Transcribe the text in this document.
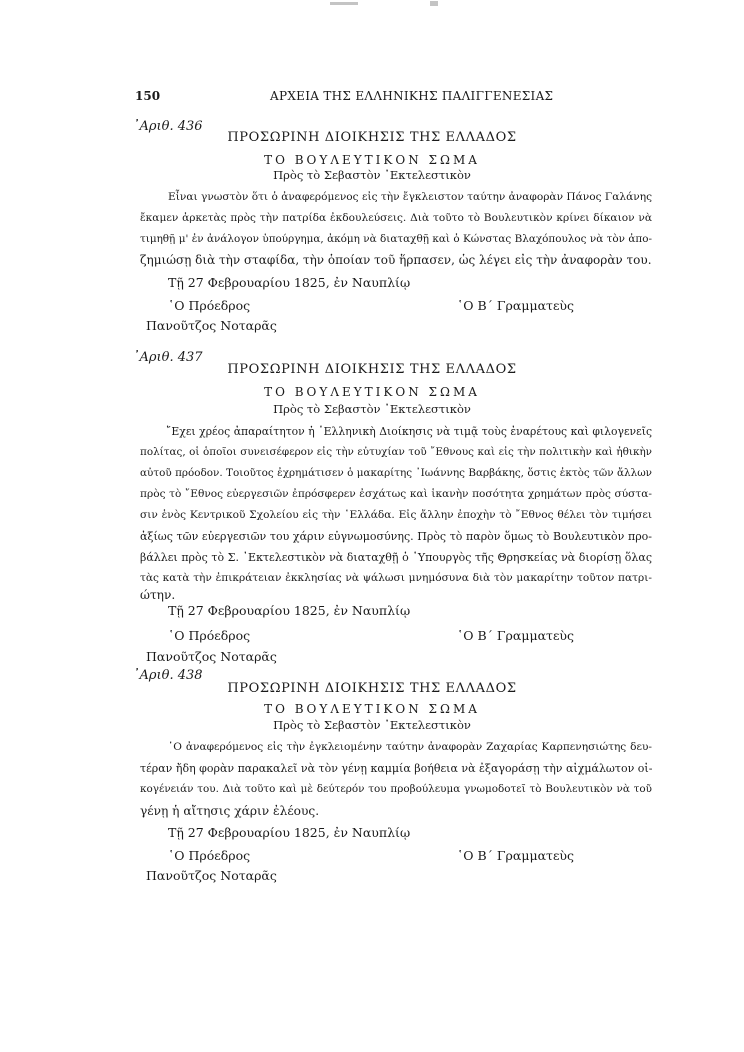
150	ΑΡΧΕΙΑ ΤΗΣ ΕΛΛΗΝΙΚΗΣ ΠΑΛΙΓΓΕΝΕΣΙΑΣ
᾿Αριθ. 436
ΠΡΟΣΩΡΙΝΗ ΔΙΟΙΚΗΣΙΣ ΤΗΣ ΕΛΛΑΔΟΣ
ΤΟ ΒΟΥΛΕΥΤΙΚΟΝ ΣΩΜΑ
Πρὸς τὸ Σεβαστὸν ᾿Εκτελεστικὸν
Εἶναι γνωστὸν ὅτι ὁ ἀναφερόμενος εἰς τὴν ἔγκλειστον ταύτην ἀναφορὰν Πάνος Γαλάνης
ἔκαμεν ἀρκετὰς πρὸς τὴν πατρίδα ἐκδουλεύσεις. Διὰ τοῦτο τὸ Βουλευτικὸν κρίνει δίκαιον νὰ
τιμηθῇ μ' ἐν ἀνάλογον ὑπούργημα, ἀκόμη νὰ διαταχθῇ καὶ ὁ Κώνστας Βλαχόπουλος νὰ τὸν ἀπο-
ζημιώσῃ διὰ τὴν σταφίδα, τὴν ὁποίαν τοῦ ἥρπασεν, ὡς λέγει εἰς τὴν ἀναφορὰν του.
Τῇ 27 Φεβρουαρίου 1825, ἐν Ναυπλίῳ
῾Ο Πρόεδρος	῾Ο Β΄ Γραμματεὺς
Πανοῦτζος Νοταρᾶς
᾿Αριθ. 437
ΠΡΟΣΩΡΙΝΗ ΔΙΟΙΚΗΣΙΣ ΤΗΣ ΕΛΛΑΔΟΣ
ΤΟ ΒΟΥΛΕΥΤΙΚΟΝ ΣΩΜΑ
Πρὸς τὸ Σεβαστὸν ᾿Εκτελεστικὸν
῎Εχει χρέος ἀπαραίτητον ἡ ῾Ελληνικὴ Διοίκησις νὰ τιμᾷ τοὺς ἐναρέτους καὶ φιλογενεῖς
πολίτας, οἱ ὁποῖοι συνεισέφερον εἰς τὴν εὐτυχίαν τοῦ ῎Εθνους καὶ εἰς τὴν πολιτικὴν καὶ ἠθικὴν
αὐτοῦ πρόοδον. Τοιοῦτος ἐχρημάτισεν ὁ μακαρίτης ᾿Ιωάννης Βαρβάκης, ὅστις ἐκτὸς τῶν ἄλλων
πρὸς τὸ ῎Εθνος εὐεργεσιῶν ἐπρόσφερεν ἐσχάτως καὶ ἱκανὴν ποσότητα χρημάτων πρὸς σύστα-
σιν ἑνὸς Κεντρικοῦ Σχολείου εἰς τὴν ῾Ελλάδα. Εἰς ἄλλην ἐποχὴν τὸ ῎Εθνος θέλει τὸν τιμήσει
ἀξίως τῶν εὐεργεσιῶν του χάριν εὐγνωμοσύνης. Πρὸς τὸ παρὸν ὅμως τὸ Βουλευτικὸν προ-
βάλλει πρὸς τὸ Σ. ᾿Εκτελεστικὸν νὰ διαταχθῇ ὁ ῾Υπουργὸς τῆς Θρησκείας νὰ διορίσῃ ὅλας
τὰς κατὰ τὴν ἐπικράτειαν ἐκκλησίας νὰ ψάλωσι μνημόσυνα διὰ τὸν μακαρίτην τοῦτον πατρι-
ώτην.
Τῇ 27 Φεβρουαρίου 1825, ἐν Ναυπλίῳ
῾Ο Πρόεδρος	῾Ο Β΄ Γραμματεὺς
Πανοῦτζος Νοταρᾶς
᾿Αριθ. 438
ΠΡΟΣΩΡΙΝΗ ΔΙΟΙΚΗΣΙΣ ΤΗΣ ΕΛΛΑΔΟΣ
ΤΟ ΒΟΥΛΕΥΤΙΚΟΝ ΣΩΜΑ
Πρὸς τὸ Σεβαστὸν ᾿Εκτελεστικὸν
῾Ο ἀναφερόμενος εἰς τὴν ἐγκλειομένην ταύτην ἀναφορὰν Ζαχαρίας Καρπενησιώτης δευ-
τέραν ἤδη φορὰν παρακαλεῖ νὰ τὸν γένῃ καμμία βοήθεια νὰ ἐξαγοράσῃ τὴν αἰχμάλωτον οἰ-
κογένειάν του. Διὰ τοῦτο καὶ μὲ δεύτερόν του προβούλευμα γνωμοδοτεῖ τὸ Βουλευτικὸν νὰ τοῦ
γένῃ ἡ αἴτησις χάριν ἐλέους.
Τῇ 27 Φεβρουαρίου 1825, ἐν Ναυπλίῳ
῾Ο Πρόεδρος	῾Ο Β΄ Γραμματεὺς
Πανοῦτζος Νοταρᾶς
